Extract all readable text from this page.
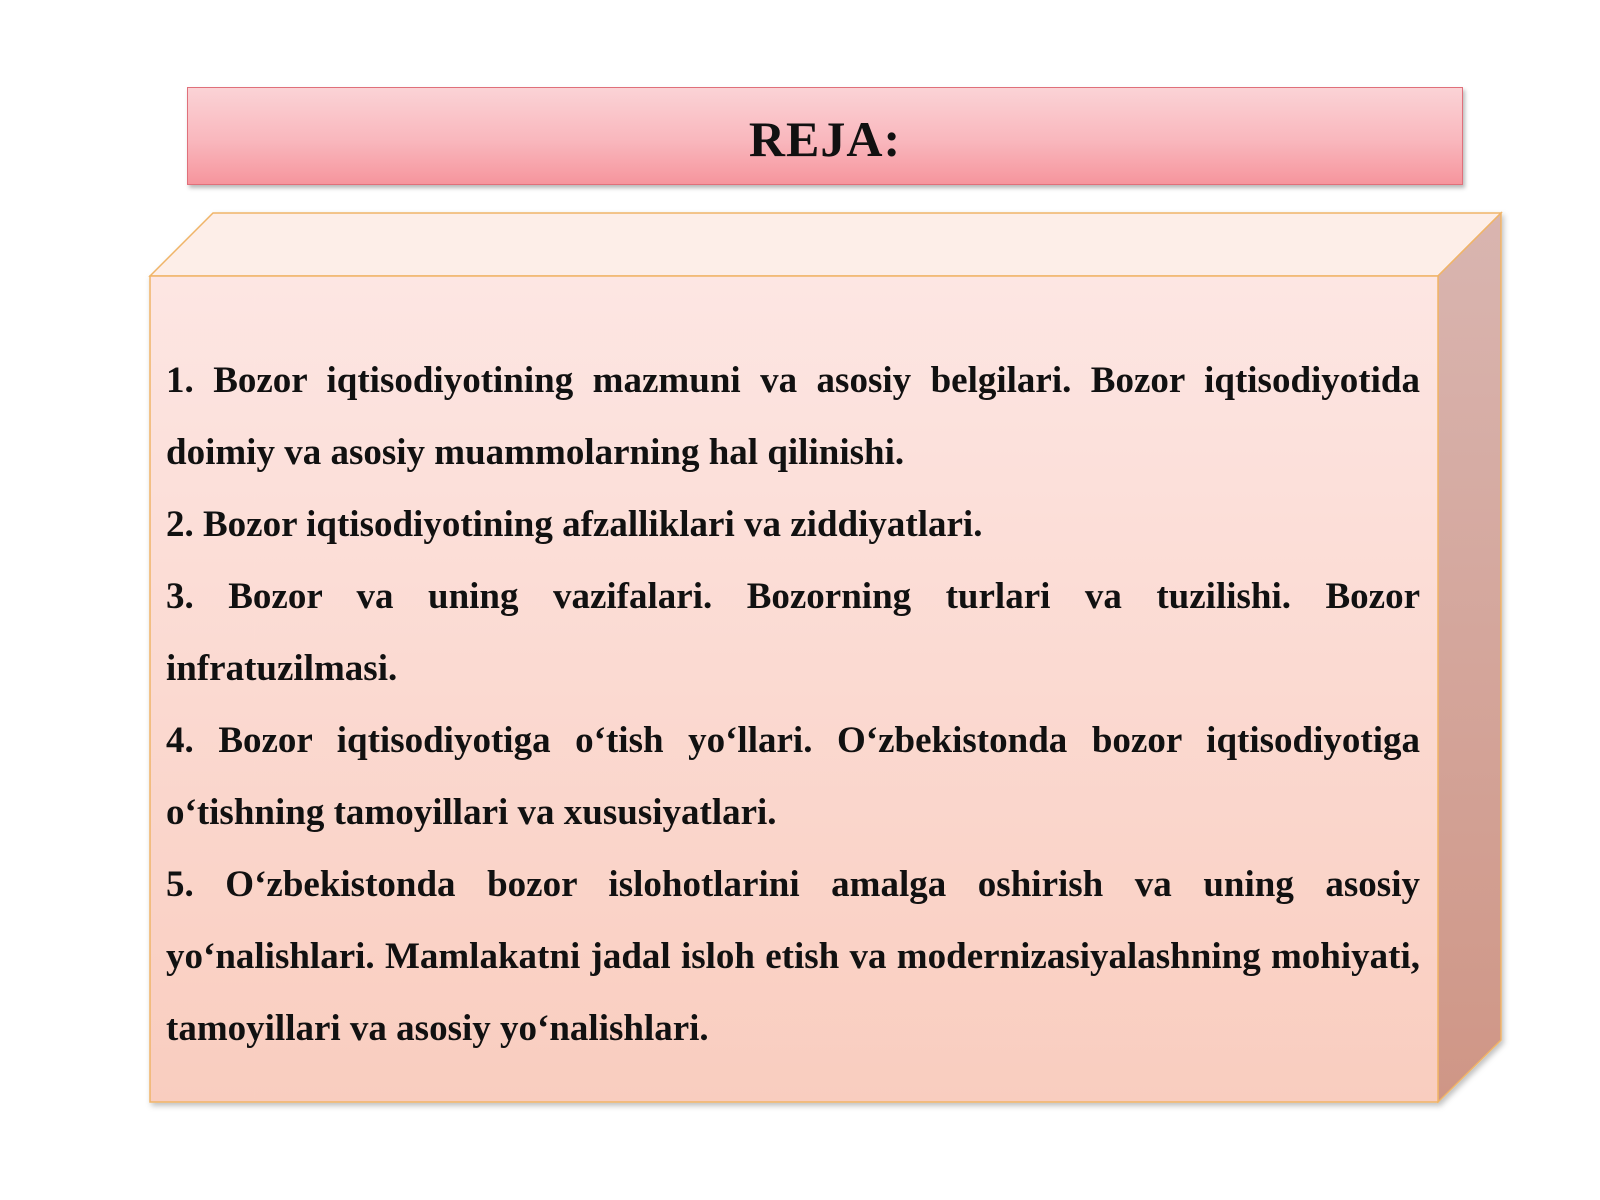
REJA:

1. Bozor iqtisodiyotining mazmuni va asosiy belgilari. Bozor iqtisodiyotida doimiy va asosiy muammolarning hal qilinishi.

2. Bozor iqtisodiyotining afzalliklari va ziddiyatlari.

3. Bozor va uning vazifalari. Bozorning turlari va tuzilishi. Bozor infratuzilmasi.

4. Bozor iqtisodiyotiga o‘tish yo‘llari. O‘zbekistonda bozor iqtisodiyotiga o‘tishning tamoyillari va xususiyatlari.

5. O‘zbekistonda bozor islohotlarini amalga oshirish va uning asosiy yo‘nalishlari. Mamlakatni jadal isloh etish va modernizasiyalashning mohiyati, tamoyillari va asosiy yo‘nalishlari.
